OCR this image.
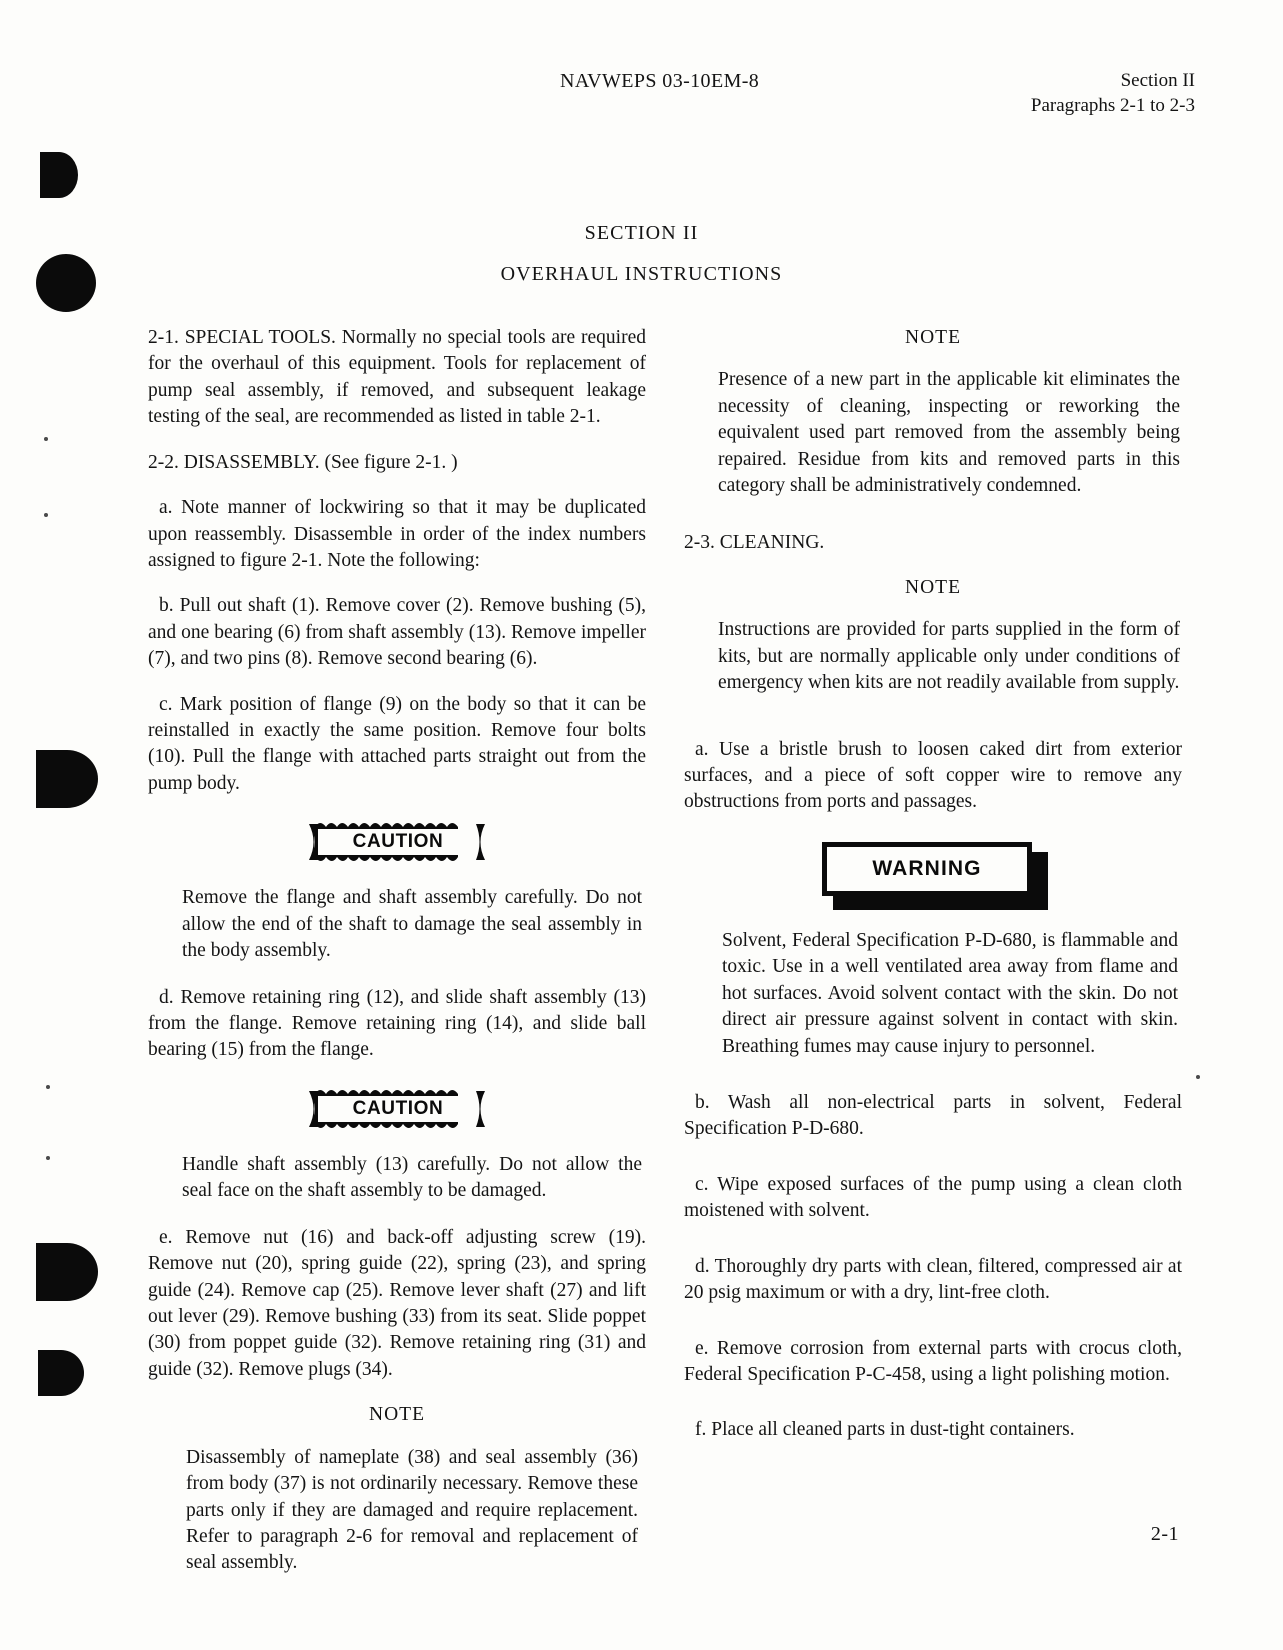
NAVWEPS 03-10EM-8	Section II
Paragraphs 2-1 to 2-3
SECTION II
OVERHAUL INSTRUCTIONS

2-1. SPECIAL TOOLS. Normally no special tools are required for the overhaul of this equipment. Tools for replacement of pump seal assembly, if removed, and subsequent leakage testing of the seal, are recommended as listed in table 2-1.

2-2. DISASSEMBLY. (See figure 2-1. )

a. Note manner of lockwiring so that it may be duplicated upon reassembly. Disassemble in order of the index numbers assigned to figure 2-1. Note the following:

b. Pull out shaft (1). Remove cover (2). Remove bushing (5), and one bearing (6) from shaft assembly (13). Remove impeller (7), and two pins (8). Remove second bearing (6).

c. Mark position of flange (9) on the body so that it can be reinstalled in exactly the same position. Remove four bolts (10). Pull the flange with attached parts straight out from the pump body.

CAUTION

Remove the flange and shaft assembly carefully. Do not allow the end of the shaft to damage the seal assembly in the body assembly.

d. Remove retaining ring (12), and slide shaft assembly (13) from the flange. Remove retaining ring (14), and slide ball bearing (15) from the flange.

CAUTION

Handle shaft assembly (13) carefully. Do not allow the seal face on the shaft assembly to be damaged.

e. Remove nut (16) and back-off adjusting screw (19). Remove nut (20), spring guide (22), spring (23), and spring guide (24). Remove cap (25). Remove lever shaft (27) and lift out lever (29). Remove bushing (33) from its seat. Slide poppet (30) from poppet guide (32). Remove retaining ring (31) and guide (32). Remove plugs (34).

NOTE

Disassembly of nameplate (38) and seal assembly (36) from body (37) is not ordinarily necessary. Remove these parts only if they are damaged and require replacement. Refer to paragraph 2-6 for removal and replacement of seal assembly.

NOTE

Presence of a new part in the applicable kit eliminates the necessity of cleaning, inspecting or reworking the equivalent used part removed from the assembly being repaired. Residue from kits and removed parts in this category shall be administratively condemned.

2-3. CLEANING.

NOTE

Instructions are provided for parts supplied in the form of kits, but are normally applicable only under conditions of emergency when kits are not readily available from supply.

a. Use a bristle brush to loosen caked dirt from exterior surfaces, and a piece of soft copper wire to remove any obstructions from ports and passages.

WARNING

Solvent, Federal Specification P-D-680, is flammable and toxic. Use in a well ventilated area away from flame and hot surfaces. Avoid solvent contact with the skin. Do not direct air pressure against solvent in contact with skin. Breathing fumes may cause injury to personnel.

b. Wash all non-electrical parts in solvent, Federal Specification P-D-680.

c. Wipe exposed surfaces of the pump using a clean cloth moistened with solvent.

d. Thoroughly dry parts with clean, filtered, compressed air at 20 psig maximum or with a dry, lint-free cloth.

e. Remove corrosion from external parts with crocus cloth, Federal Specification P-C-458, using a light polishing motion.

f. Place all cleaned parts in dust-tight containers.

2-1
